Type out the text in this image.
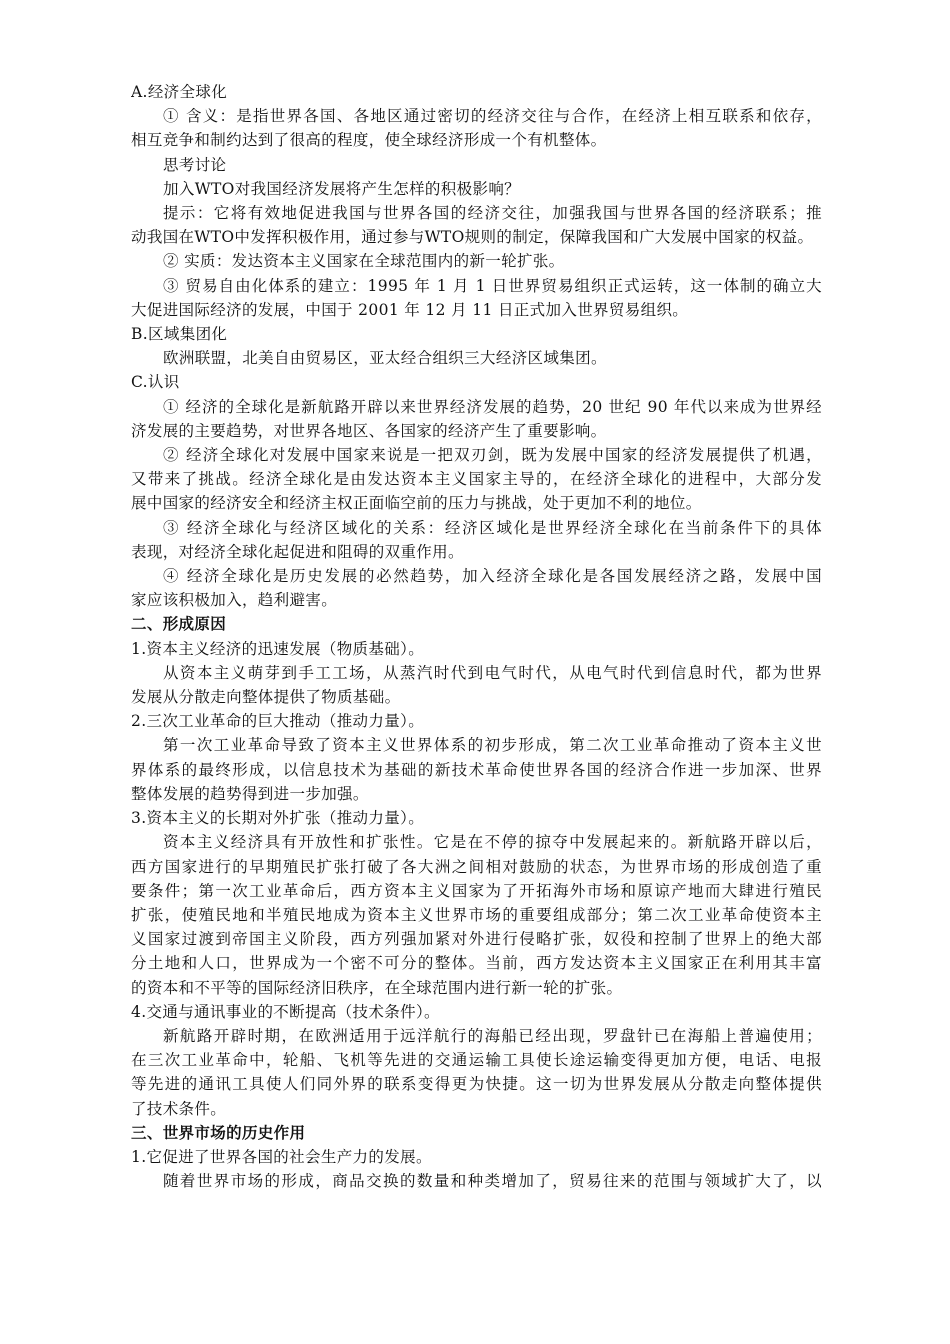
A.经济全球化
① 含义：是指世界各国、各地区通过密切的经济交往与合作，在经济上相互联系和依存，
相互竞争和制约达到了很高的程度，使全球经济形成一个有机整体。
思考讨论
加入WTO对我国经济发展将产生怎样的积极影响？
提示：它将有效地促进我国与世界各国的经济交往，加强我国与世界各国的经济联系；推
动我国在WTO中发挥积极作用，通过参与WTO规则的制定，保障我国和广大发展中国家的权益。
② 实质：发达资本主义国家在全球范围内的新一轮扩张。
③ 贸易自由化体系的建立：1995 年 1 月 1 日世界贸易组织正式运转，这一体制的确立大
大促进国际经济的发展，中国于 2001 年 12 月 11 日正式加入世界贸易组织。
B.区域集团化
欧洲联盟，北美自由贸易区，亚太经合组织三大经济区域集团。
C.认识
① 经济的全球化是新航路开辟以来世界经济发展的趋势，20 世纪 90 年代以来成为世界经
济发展的主要趋势，对世界各地区、各国家的经济产生了重要影响。
② 经济全球化对发展中国家来说是一把双刃剑，既为发展中国家的经济发展提供了机遇，
又带来了挑战。经济全球化是由发达资本主义国家主导的，在经济全球化的进程中，大部分发
展中国家的经济安全和经济主权正面临空前的压力与挑战，处于更加不利的地位。
③ 经济全球化与经济区域化的关系：经济区域化是世界经济全球化在当前条件下的具体
表现，对经济全球化起促进和阻碍的双重作用。
④ 经济全球化是历史发展的必然趋势，加入经济全球化是各国发展经济之路，发展中国
家应该积极加入，趋利避害。
二、形成原因
1.资本主义经济的迅速发展（物质基础）。
从资本主义萌芽到手工工场，从蒸汽时代到电气时代，从电气时代到信息时代，都为世界
发展从分散走向整体提供了物质基础。
2.三次工业革命的巨大推动（推动力量）。
第一次工业革命导致了资本主义世界体系的初步形成，第二次工业革命推动了资本主义世
界体系的最终形成，以信息技术为基础的新技术革命使世界各国的经济合作进一步加深、世界
整体发展的趋势得到进一步加强。
3.资本主义的长期对外扩张（推动力量）。
资本主义经济具有开放性和扩张性。它是在不停的掠夺中发展起来的。新航路开辟以后，
西方国家进行的早期殖民扩张打破了各大洲之间相对鼓励的状态，为世界市场的形成创造了重
要条件；第一次工业革命后，西方资本主义国家为了开拓海外市场和原谅产地而大肆进行殖民
扩张，使殖民地和半殖民地成为资本主义世界市场的重要组成部分；第二次工业革命使资本主
义国家过渡到帝国主义阶段，西方列强加紧对外进行侵略扩张，奴役和控制了世界上的绝大部
分土地和人口，世界成为一个密不可分的整体。当前，西方发达资本主义国家正在利用其丰富
的资本和不平等的国际经济旧秩序，在全球范围内进行新一轮的扩张。
4.交通与通讯事业的不断提高（技术条件）。
新航路开辟时期，在欧洲适用于远洋航行的海船已经出现，罗盘针已在海船上普遍使用；
在三次工业革命中，轮船、飞机等先进的交通运输工具使长途运输变得更加方便，电话、电报
等先进的通讯工具使人们同外界的联系变得更为快捷。这一切为世界发展从分散走向整体提供
了技术条件。
三、世界市场的历史作用
1.它促进了世界各国的社会生产力的发展。
随着世界市场的形成，商品交换的数量和种类增加了，贸易往来的范围与领域扩大了，以
